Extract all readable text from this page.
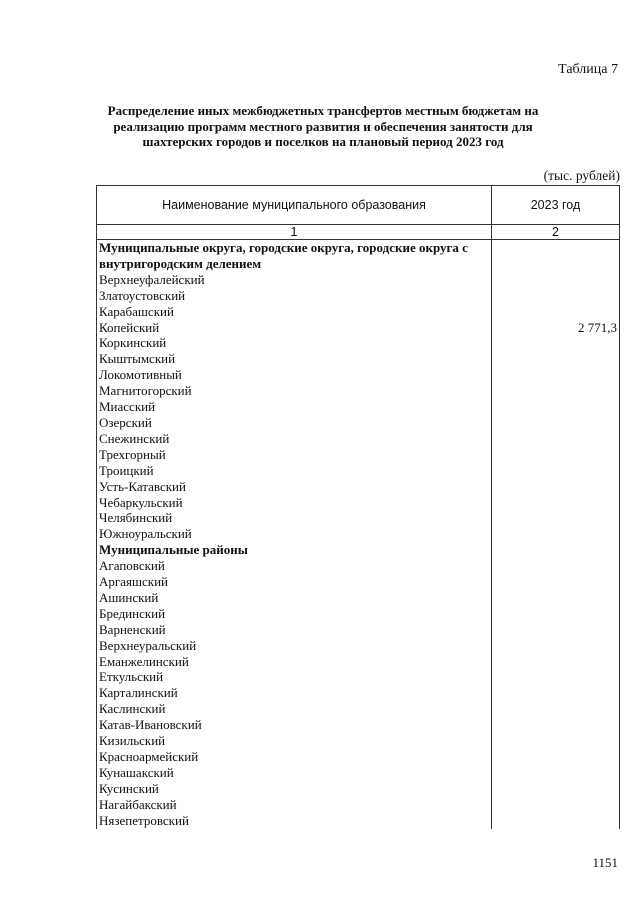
Таблица 7
Распределение иных межбюджетных трансфертов местным бюджетам на реализацию программ местного развития и обеспечения занятости для шахтерских городов и поселков на плановый период 2023 год
(тыс. рублей)
Наименование муниципального образования	2023 год
1	2
Муниципальные округа, городские округа, городские округа с внутригородским делением	
Верхнеуфалейский	
Златоустовский	
Карабашский	
Копейский	2 771,3
Коркинский	
Кыштымский	
Локомотивный	
Магнитогорский	
Миасский	
Озерский	
Снежинский	
Трехгорный	
Троицкий	
Усть-Катавский	
Чебаркульский	
Челябинский	
Южноуральский	
Муниципальные районы	
Агаповский	
Аргаяшский	
Ашинский	
Брединский	
Варненский	
Верхнеуральский	
Еманжелинский	
Еткульский	
Карталинский	
Каслинский	
Катав-Ивановский	
Кизильский	
Красноармейский	
Кунашакский	
Кусинский	
Нагайбакский	
Нязепетровский	
1151
